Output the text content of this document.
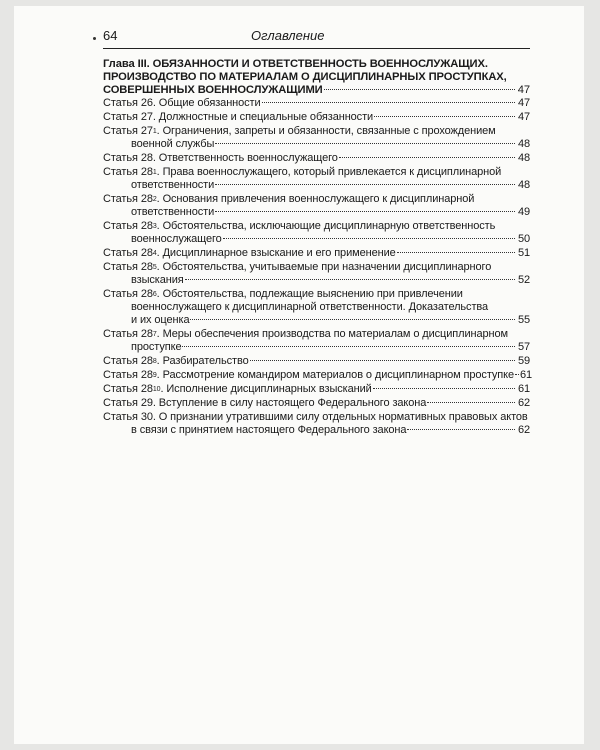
64	Оглавление
Глава III. ОБЯЗАННОСТИ И ОТВЕТСТВЕННОСТЬ ВОЕННОСЛУЖАЩИХ.
ПРОИЗВОДСТВО ПО МАТЕРИАЛАМ О ДИСЦИПЛИНАРНЫХ ПРОСТУПКАХ,
СОВЕРШЕННЫХ ВОЕННОСЛУЖАЩИМИ	47
Статья 26 . Общие обязанности	47
Статья 27 . Должностные и специальные обязанности	47
Статья $27^1$ . Ограничения, запреты и обязанности, связанные с прохождением
военной службы	48
Статья 28 . Ответственность военнослужащего	48
Статья $28^1$ . Права военнослужащего, который привлекается к дисциплинарной
ответственности	48
Статья $28^2$ . Основания привлечения военнослужащего к дисциплинарной
ответственности	49
Статья $28^3$ . Обстоятельства, исключающие дисциплинарную ответственность
военнослужащего	50
Статья $28^4$ . Дисциплинарное взыскание и его применение	51
Статья $28^5$ . Обстоятельства, учитываемые при назначении дисциплинарного
взыскания	52
Статья $28^6$ . Обстоятельства, подлежащие выяснению при привлечении
военнослужащего к дисциплинарной ответственности. Доказательства
и их оценка	55
Статья $28^7$ . Меры обеспечения производства по материалам о дисциплинарном
проступке	57
Статья $28^8$ . Разбирательство	59
Статья $28^9$ . Рассмотрение командиром материалов о дисциплинарном проступке 61
Статья $28^{10}$ . Исполнение дисциплинарных взысканий	61
Статья 29 . Вступление в силу настоящего Федерального закона	62
Статья 30 . О признании утратившими силу отдельных нормативных правовых актов
в связи с принятием настоящего Федерального закона	62
